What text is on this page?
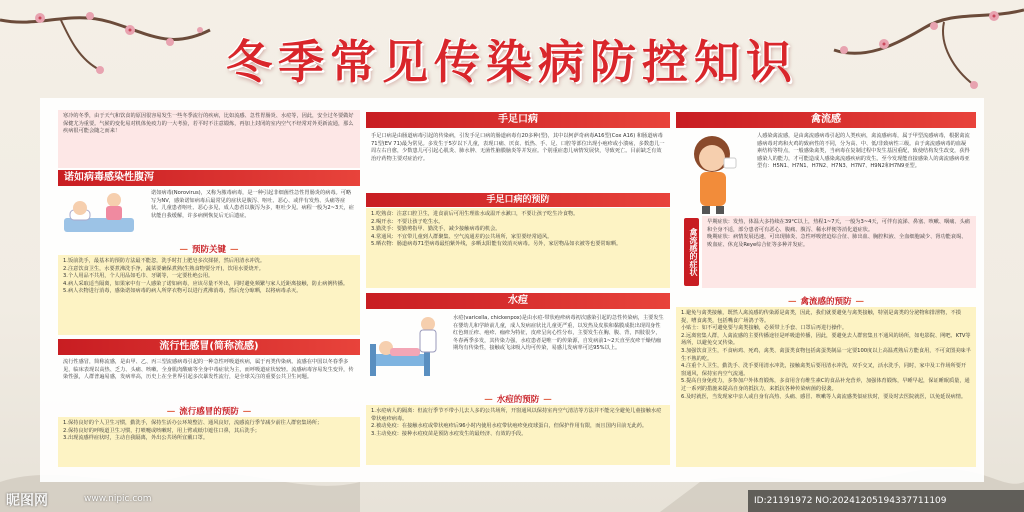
冬季常见传染病防控知识
寒冷的冬季，由于天气和饮食的原因很容易发生一些冬季流行的疾病，比如流感、急性胃肠炎、水痘等，因此，安全过冬要做好保健尤为重要。气候的变化易对机体免疫力的一大考验，若平时不注意锻炼，再加上封闭的室内空气不经常对外更新流通，那么疾病很可能会随之而来！
诺如病毒感染性腹泻
诺如病毒(Norovirus)，又称为脓毒病毒，是一种引起非细菌性急性胃肠炎的病毒。可略写为NV，感染诺如病毒后最常见的症状是腹泻、呕吐、恶心、或伴有发热、头痛等症状。儿童患者呕吐、恶心多见，成人患者以腹泻为多，呕吐少见。病程一般为2~3天，症状能自我缓解，许多病例恢复后无后遗症。
— 预防关键 —
1.饭前洗手，最基本的预防方法最不能忽，洗手时打上肥皂多次揉搓，然后用清水冲洗。
2.注意饮食卫生，水要煮沸洗手净，蔬菜要确保煮熟(生熟食物要分开)，饮用水要烧开。
3.个人用品不共用，个人用品如毛巾、牙刷等，一定要杜绝公用。
4.病人采取适当隔离，如果家中有一人感染了诺如病毒，应该尽量不外出，同时避免频繁与家人近距离接触，防止病例传播。
5.病人衣物进行消毒，感染诺如病毒的病人所穿衣物可以进行煮沸消毒，然后充分晾晒，以将病毒杀灭。
流行性感冒(简称流感)
流行性感冒，简称流感，是由甲、乙、丙三型流感病毒引起的一种急性呼吸道疾病，属于丙类传染病。流感在中国以冬春季多见，临床表现以高热、乏力、头痛、咳嗽、全身肌肉酸痛等全身中毒症状为主，而呼吸道症状较轻。流感病毒容易发生变异，传染性强，人群普遍易感，发病率高，历史上在全世界引起多次暴发性流行，是全球关注的重要公共卫生问题。
— 流行感冒的预防 —
1.保持良好的个人卫生习惯，勤洗手，保持生活办公环境整洁、通风良好，流感流行季节减少前往人群密集场所；
2.保持良好的呼吸道卫生习惯，打喷嚏或咳嗽时，用上臂或纸巾遮住口鼻，其后洗手；
3.出现流感样症状时，主动自我隔离，外出公共场所宜戴口罩。
手足口病
手足口病是由肠道病毒引起的传染病，引发手足口病的肠道病毒有20多种(型)，其中以柯萨奇病毒A16型(Cox A16) 和肠道病毒71型(EV 71)最为常见。多发生于5岁以下儿童，表现口痛、厌食、低热、手、足、口腔等部位出现小疱疹或小溃疡，多数患儿一周左右自愈，少数患儿可引起心肌炎、肺水肿、无菌性脑膜脑炎等并发症。个别重症患儿病情发展快，导致死亡。目前缺乏有效治疗药物主要对症治疗。
手足口病的预防
1.吃熟食：注意口腔卫生，进食前后可用生理盐水或温开水漱口，不要让孩子吃生冷食物。
2.喝开水：不要让孩子吃生水。
3.勤洗手：要勤剪指甲、勤洗手，减少接触病毒的机会。
4.常通风：不宜带儿童到人群聚集、空气流通差的公共场所，家里要经常通风。
5.晒衣物：肠道病毒71型病毒最怕紫外线，多晒太阳能有效消灭病毒。另外，家居物品如衣被等也要常晾晒。
水痘
水痘(varicella, chickenpox)是由水痘-带状疱疹病毒初次感染引起的急性传染病，主要发生在婴幼儿和学龄前儿童，成人发病症状比儿童更严重，以发热及皮肤和黏膜成批出现周身性红色斑丘疹、疱疹、痂疹为特征，皮疹呈向心性分布，主要发生在胸、腹、背，四肢很少，冬春两季多发，其传染力强，水痘患者是唯一的传染源，自发病前1~2天直至皮疹干燥结痂期均有传染性，接触或飞沫吸入均可传染，易感儿发病率可达95%以上。
— 水痘的预防 —
1.水痘病人的隔离：但流行季节不带小儿去人多的公共场所，开窗通风以保持室内空气清洁等方法并不能完全避免儿童接触水痘带状疱疹病毒。
2.被动免疫：在接触水痘或带状疱疹后96小时内使用水痘带状疱疹免疫球蛋白，但保护作用有限，而且国内目前无此药。
3.主动免疫：接种水痘疫苗是预防水痘发生的最经济、有效的手段。
禽流感
人感染禽流感，是由禽流感病毒引起的人类疾病，禽流感病毒，属于甲型流感病毒，根据禽流感病毒对鸡和火鸡的致病性的不同，分为高、中、低/非致病性三级。由于禽流感病毒的血凝素结构等特点，一般感染禽类，当病毒在复制过程中发生基因重配，致使结构发生改变，获得感染人的能力，才可能造成人感染禽流感疾病的发生。至今发现能直接感染人的禽流感病毒亚型有：H5N1、H7N1、H7N2、H7N3、H7N7、H9N2和H7N9亚型。
禽流感的症状
早期症状：发热，体温大多持续在39°C以上，热程1~7天，一般为3~4天，可伴有流涕、鼻塞、咳嗽、咽痛、头痛和全身不适，部分患者可有恶心、腹痛、腹泻、稀水样便等消化道症状。
晚期症状：病情发展迅速，可出现肺炎、急性呼吸窘迫综合征、肺出血、胸腔积液、全血细胞减少、肾功能衰竭、败血症、休克及Reye综合征等多种并发症。
— 禽流感的预防 —
1.避免与禽类接触，既然人禽流感的传染源是禽类，因此，我们就要避免与禽类接触，特别是禽类的分泌物和排泄物，不摸捉，嘈食禽类，包括嘴食广场鸽子等。
小贴士：如不可避免要与禽类接触，必须带上手套、口罩后再进行操作。
2.远离密集人群，人禽流感的主要传播途径是呼吸道传播，因此，要避免去人群密集且不通风的场所，如电影院、网吧、KTV等场所，以避免交叉传染。
3.加强饮食卫生，不食病鸡、死鸡，禽类、禽蛋类食物包括禽蛋类制品一定要100度以上高温煮熟后方能食用，不可贪图美味半生不熟的吃。
4.注重个人卫生，勤洗手、洗手要用清水冲洗，接触禽类后要用清水冲洗，双手交叉，活水洗手，同时，家中及工作场所要开窗通风，保持室内空气流通。
5.提高自身免疫力，多参加户外体育锻炼，多食用含有维生素C的食品补充营养，加强体育锻炼，早睡早起，保证睡眠质量，通过一系列的措施来提高自身的抵抗力，来抵抗各种传染病菌的侵袭。
6.及时就医，当发现家中亲人或自身有高热、头痛、感冒、咳嗽等人禽流感类似症状时，要及时去医院就医，以免延误病情。
昵图网	www.nipic.com	ID:21191972 NO:20241205194337711109
